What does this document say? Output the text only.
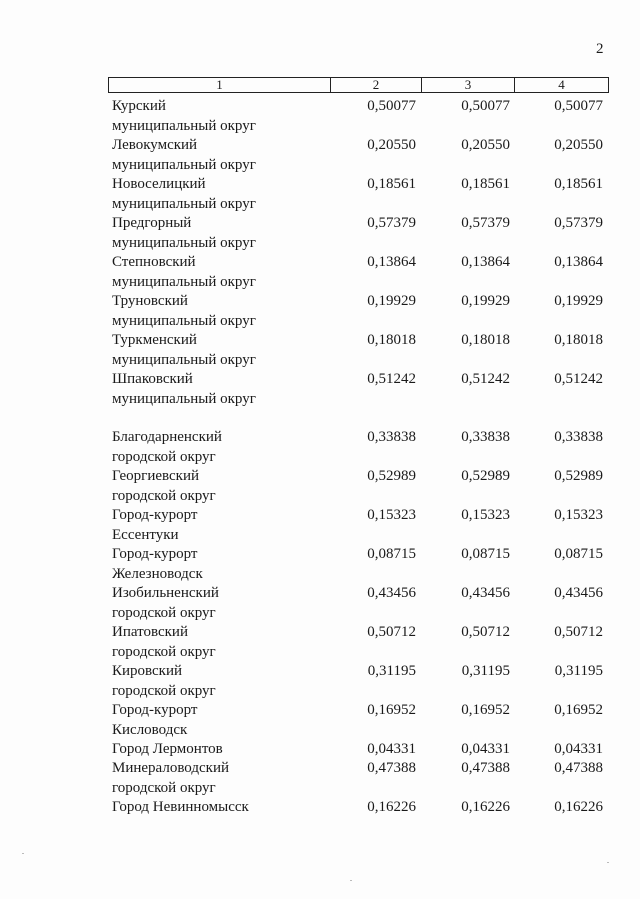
2
1	2	3	4
Курский
муниципальный округ
0,50077	0,50077	0,50077
Левокумский
муниципальный округ
0,20550	0,20550	0,20550
Новоселицкий
муниципальный округ
0,18561	0,18561	0,18561
Предгорный
муниципальный округ
0,57379	0,57379	0,57379
Степновский
муниципальный округ
0,13864	0,13864	0,13864
Труновский
муниципальный округ
0,19929	0,19929	0,19929
Туркменский
муниципальный округ
0,18018	0,18018	0,18018
Шпаковский
муниципальный округ
0,51242	0,51242	0,51242
Благодарненский
городской округ
0,33838	0,33838	0,33838
Георгиевский
городской округ
0,52989	0,52989	0,52989
Город-курорт
Ессентуки
0,15323	0,15323	0,15323
Город-курорт
Железноводск
0,08715	0,08715	0,08715
Изобильненский
городской округ
0,43456	0,43456	0,43456
Ипатовский
городской округ
0,50712	0,50712	0,50712
Кировский
городской округ
0,31195	0,31195	0,31195
Город-курорт
Кисловодск
0,16952	0,16952	0,16952
Город Лермонтов	0,04331	0,04331	0,04331
Минераловодский
городской округ
0,47388	0,47388	0,47388
Город Невинномысск	0,16226	0,16226	0,16226
